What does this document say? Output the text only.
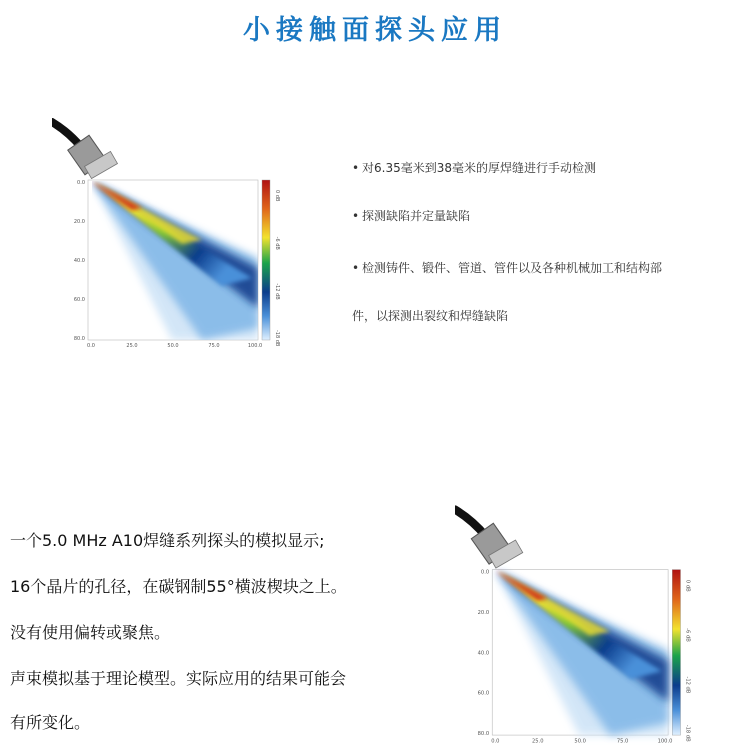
小接触面探头应用
0 dB
-6 dB
-12 dB
-18 dB
0.0	25.0	50.0	75.0	100.0
0.0
20.0
40.0
60.0
80.0
• 对6.35毫米到38毫米的厚焊缝进行手动检测
• 探测缺陷并定量缺陷
• 检测铸件、锻件、管道、管件以及各种机械加工和结构部
件，以探测出裂纹和焊缝缺陷
一个5.0 MHz A10焊缝系列探头的模拟显示;
16个晶片的孔径，在碳钢制55°横波楔块之上。
没有使用偏转或聚焦。
声束模拟基于理论模型。实际应用的结果可能会
有所变化。
0 dB
-6 dB
-12 dB
-18 dB
0.0	25.0	50.0	75.0	100.0
0.0
20.0
40.0
60.0
80.0
